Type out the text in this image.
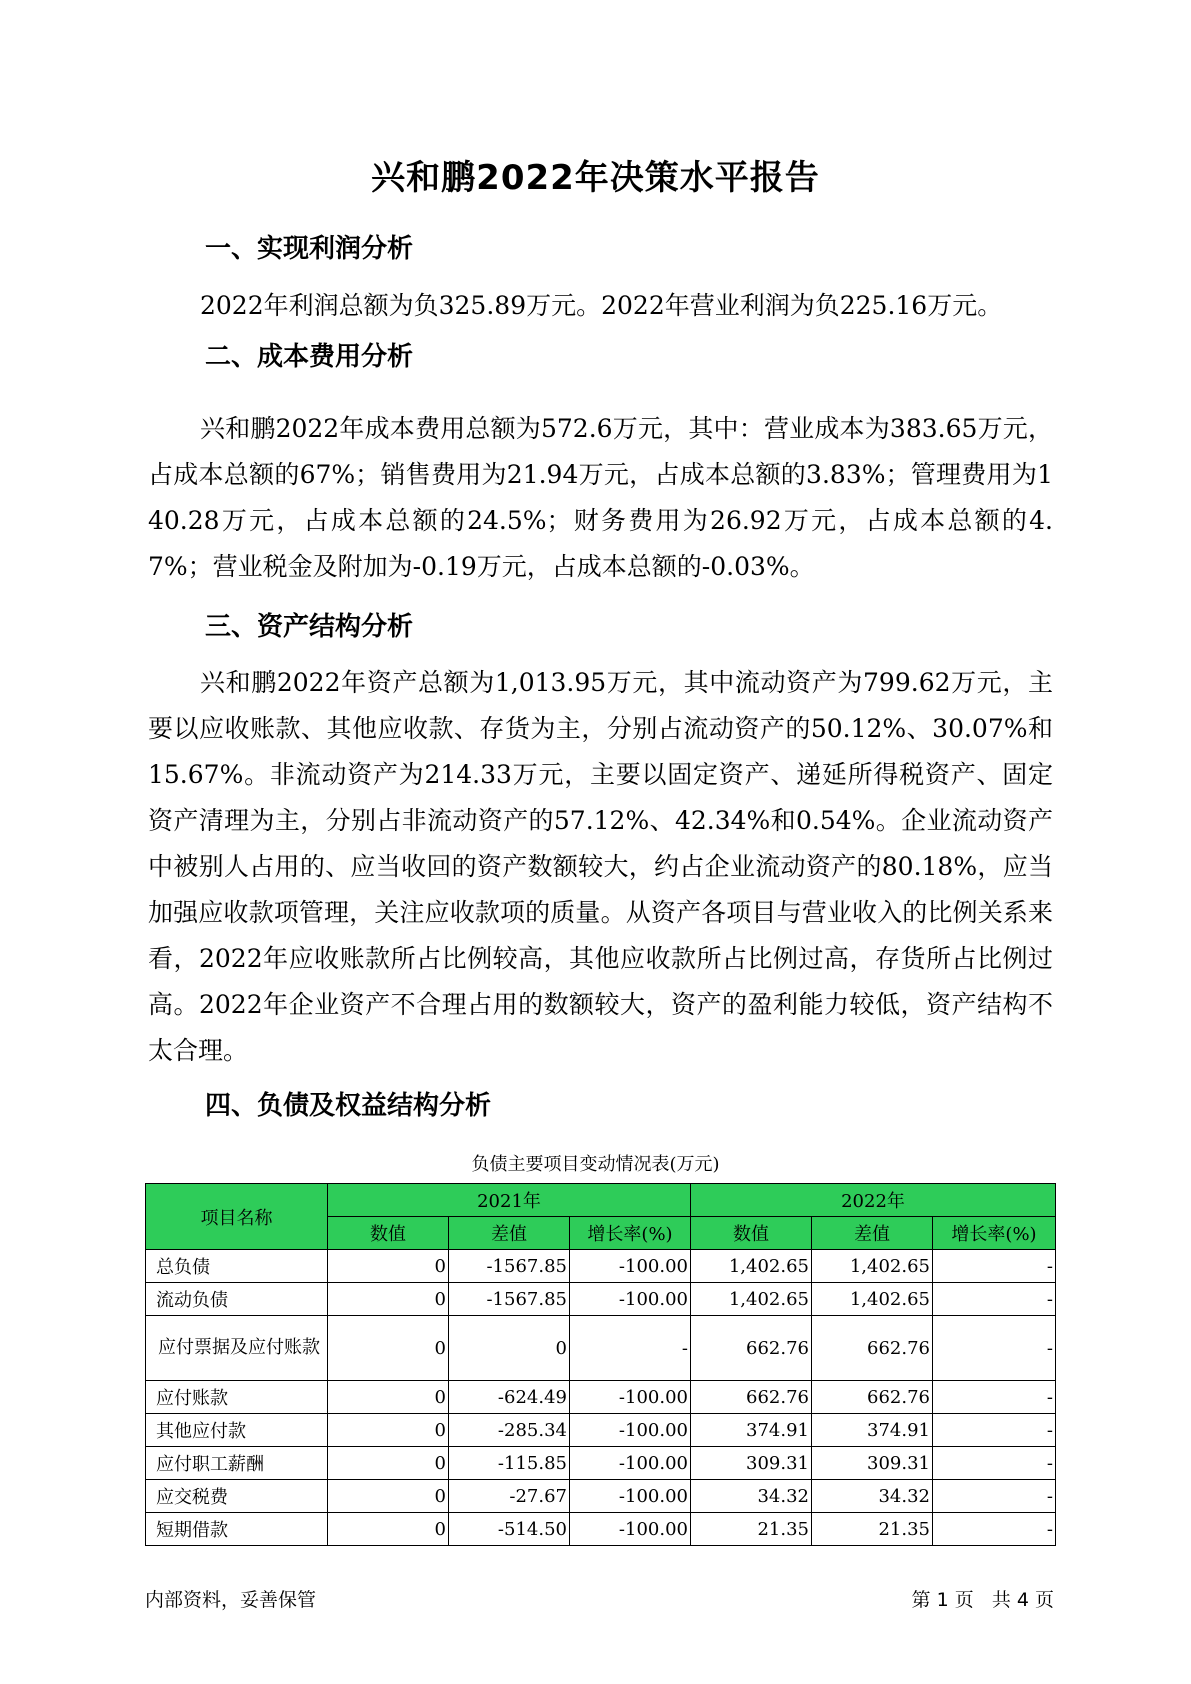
兴和鹏2022年决策水平报告
一、实现利润分析

2022年利润总额为负325.89万元。2022年营业利润为负225.16万元。

二、成本费用分析

兴和鹏2022年成本费用总额为572.6万元，其中：营业成本为383.65万元，占成本总额的67%；销售费用为21.94万元，占成本总额的3.83%；管理费用为140.28万元，占成本总额的24.5%；财务费用为26.92万元，占成本总额的4.7%；营业税金及附加为-0.19万元，占成本总额的-0.03%。

三、资产结构分析

兴和鹏2022年资产总额为1,013.95万元，其中流动资产为799.62万元，主要以应收账款、其他应收款、存货为主，分别占流动资产的50.12%、30.07%和15.67%。非流动资产为214.33万元，主要以固定资产、递延所得税资产、固定资产清理为主，分别占非流动资产的57.12%、42.34%和0.54%。企业流动资产中被别人占用的、应当收回的资产数额较大，约占企业流动资产的80.18%，应当加强应收款项管理，关注应收款项的质量。从资产各项目与营业收入的比例关系来看，2022年应收账款所占比例较高，其他应收款所占比例过高，存货所占比例过高。2022年企业资产不合理占用的数额较大，资产的盈利能力较低，资产结构不太合理。

四、负债及权益结构分析
负债主要项目变动情况表(万元)
项目名称	2021年			2022年		
	数值	差值	增长率(%)	数值	差值	增长率(%)
总负债	0	-1567.85	-100.00	1,402.65	1,402.65	-
流动负债	0	-1567.85	-100.00	1,402.65	1,402.65	-
应付票据及应付账款	0	0	-	662.76	662.76	-
应付账款	0	-624.49	-100.00	662.76	662.76	-
其他应付款	0	-285.34	-100.00	374.91	374.91	-
应付职工薪酬	0	-115.85	-100.00	309.31	309.31	-
应交税费	0	-27.67	-100.00	34.32	34.32	-
短期借款	0	-514.50	-100.00	21.35	21.35	-
内部资料，妥善保管	第 1 页   共 4 页
